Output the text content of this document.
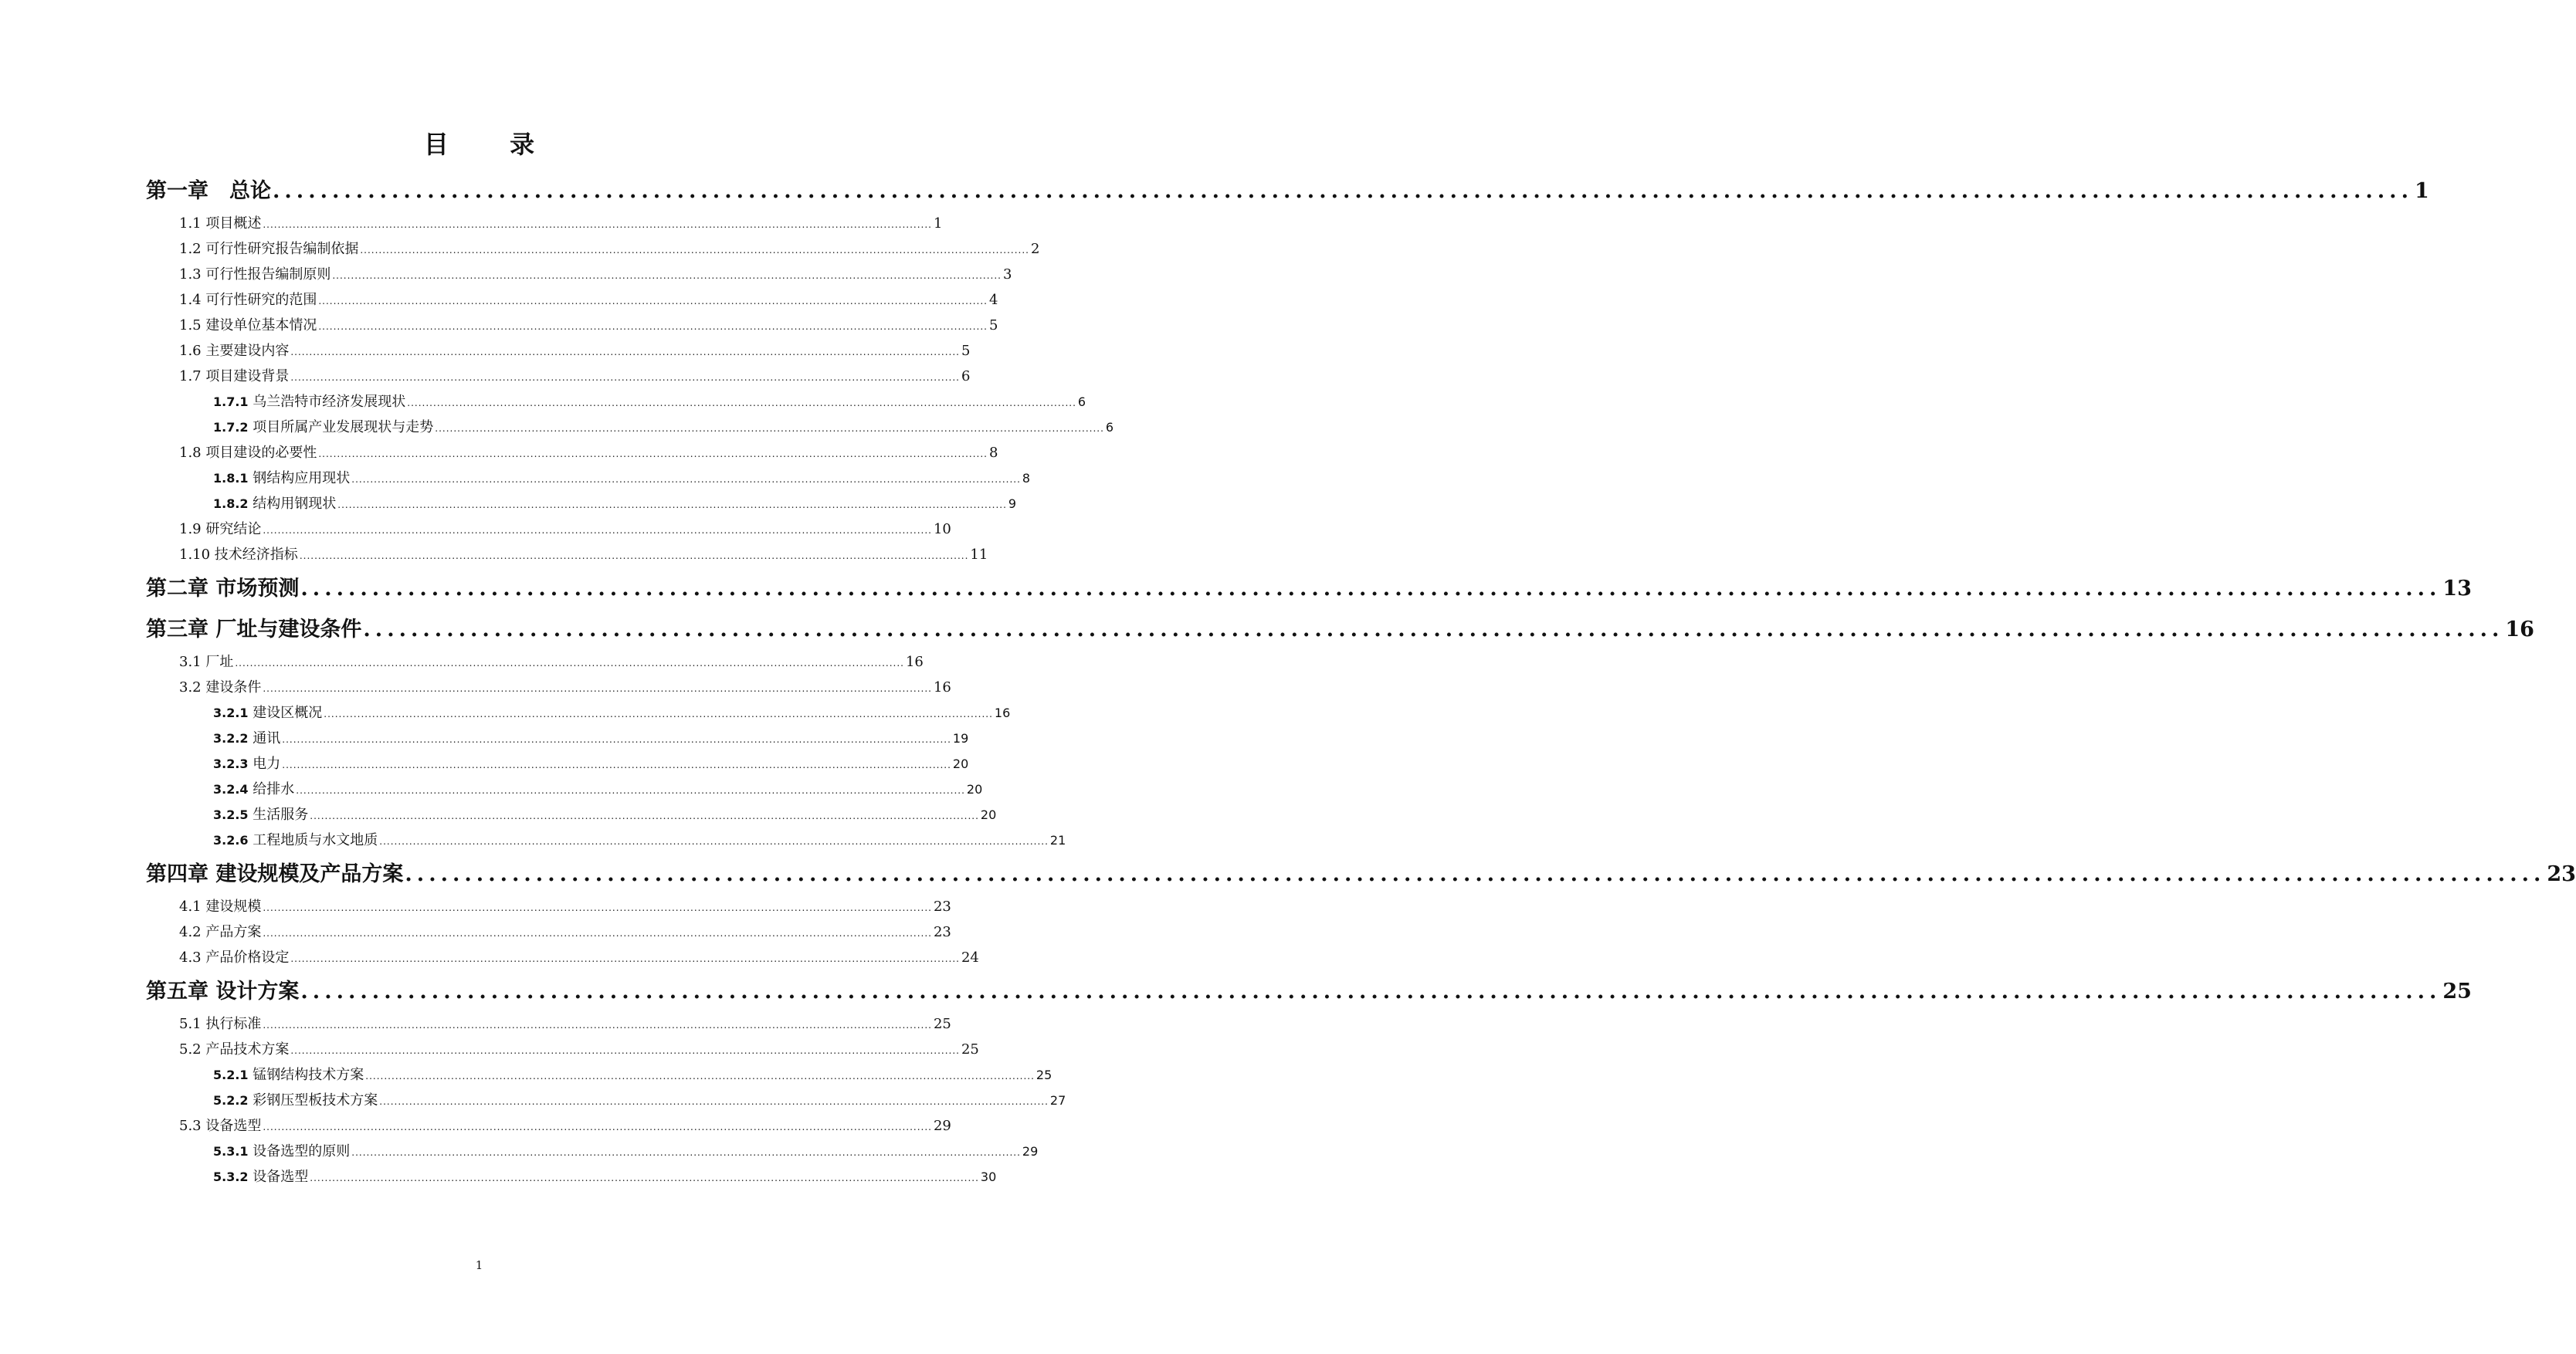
目 录
第一章　总论 .................................................................................................................................................................................... 1
1.1 项目概述 .................................................................................................................................................................................... 1
1.2 可行性研究报告编制依据 .................................................................................................................................................................................... 2
1.3 可行性报告编制原则 .................................................................................................................................................................................... 3
1.4 可行性研究的范围 .................................................................................................................................................................................... 4
1.5 建设单位基本情况 .................................................................................................................................................................................... 5
1.6 主要建设内容 .................................................................................................................................................................................... 5
1.7 项目建设背景 .................................................................................................................................................................................... 6
1.7.1 乌兰浩特市经济发展现状 .................................................................................................................................................................................... 6
1.7.2 项目所属产业发展现状与走势 .................................................................................................................................................................................... 6
1.8 项目建设的必要性 .................................................................................................................................................................................... 8
1.8.1 钢结构应用现状 .................................................................................................................................................................................... 8
1.8.2 结构用钢现状 .................................................................................................................................................................................... 9
1.9 研究结论 .................................................................................................................................................................................... 10
1.10 技术经济指标 .................................................................................................................................................................................... 11
第二章 市场预测 .................................................................................................................................................................................... 13
第三章 厂址与建设条件 .................................................................................................................................................................................... 16
3.1 厂址 .................................................................................................................................................................................... 16
3.2 建设条件 .................................................................................................................................................................................... 16
3.2.1 建设区概况 .................................................................................................................................................................................... 16
3.2.2 通讯 .................................................................................................................................................................................... 19
3.2.3 电力 .................................................................................................................................................................................... 20
3.2.4 给排水 .................................................................................................................................................................................... 20
3.2.5 生活服务 .................................................................................................................................................................................... 20
3.2.6 工程地质与水文地质 .................................................................................................................................................................................... 21
第四章 建设规模及产品方案 .................................................................................................................................................................................... 23
4.1 建设规模 .................................................................................................................................................................................... 23
4.2 产品方案 .................................................................................................................................................................................... 23
4.3 产品价格设定 .................................................................................................................................................................................... 24
第五章 设计方案 .................................................................................................................................................................................... 25
5.1 执行标准 .................................................................................................................................................................................... 25
5.2 产品技术方案 .................................................................................................................................................................................... 25
5.2.1 锰钢结构技术方案 .................................................................................................................................................................................... 25
5.2.2 彩钢压型板技术方案 .................................................................................................................................................................................... 27
5.3 设备选型 .................................................................................................................................................................................... 29
5.3.1 设备选型的原则 .................................................................................................................................................................................... 29
5.3.2 设备选型 .................................................................................................................................................................................... 30
1
